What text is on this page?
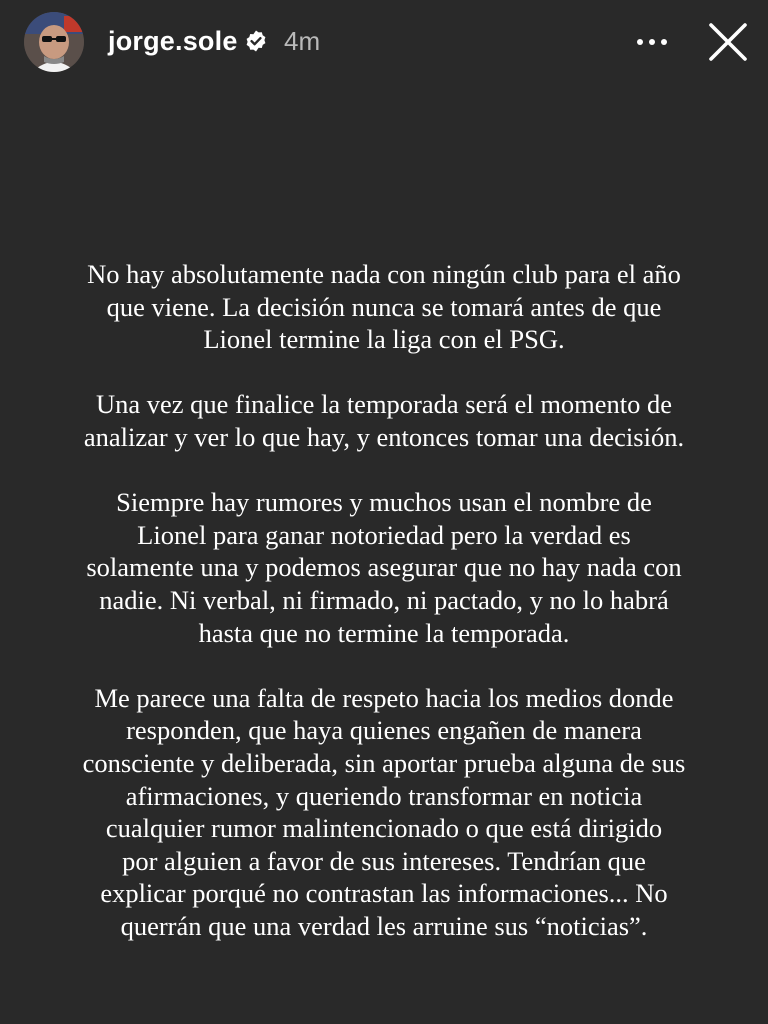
jorge.sole 4m

No hay absolutamente nada con ningún club para el año
que viene. La decisión nunca se tomará antes de que
Lionel termine la liga con el PSG.

Una vez que finalice la temporada será el momento de
analizar y ver lo que hay, y entonces tomar una decisión.

Siempre hay rumores y muchos usan el nombre de
Lionel para ganar notoriedad pero la verdad es
solamente una y podemos asegurar que no hay nada con
nadie. Ni verbal, ni firmado, ni pactado, y no lo habrá
hasta que no termine la temporada.

Me parece una falta de respeto hacia los medios donde
responden, que haya quienes engañen de manera
consciente y deliberada, sin aportar prueba alguna de sus
afirmaciones, y queriendo transformar en noticia
cualquier rumor malintencionado o que está dirigido
por alguien a favor de sus intereses. Tendrían que
explicar porqué no contrastan las informaciones... No
querrán que una verdad les arruine sus “noticias”.
